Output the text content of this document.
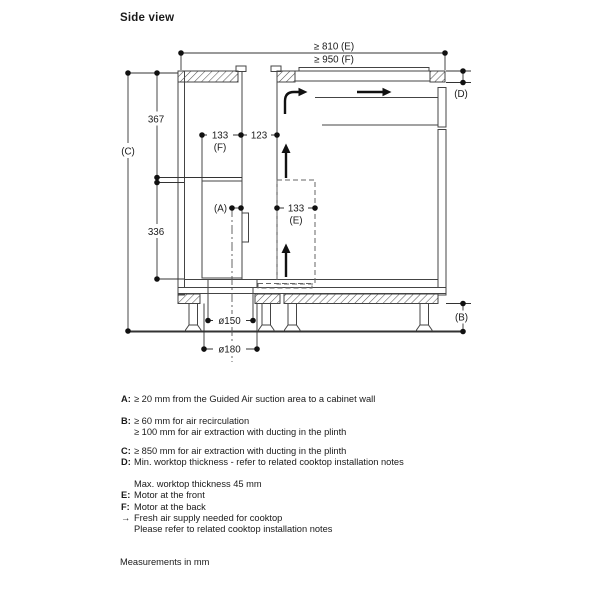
Side view
≥ 810 (E)
≥ 950 (F)
(D)
(C)
367
336
133
(F)
123
(A)	133
(E)
(B)
ø150
ø180
A: ≥ 20 mm from the Guided Air suction area to a cabinet wall
B: ≥ 60 mm for air recirculation
≥ 100 mm for air extraction with ducting in the plinth
C: ≥ 850 mm for air extraction with ducting in the plinth
D: Min. worktop thickness - refer to related cooktop installation notes
Max. worktop thickness 45 mm
E: Motor at the front
F: Motor at the back
→ Fresh air supply needed for cooktop
Please refer to related cooktop installation notes
Measurements in mm
